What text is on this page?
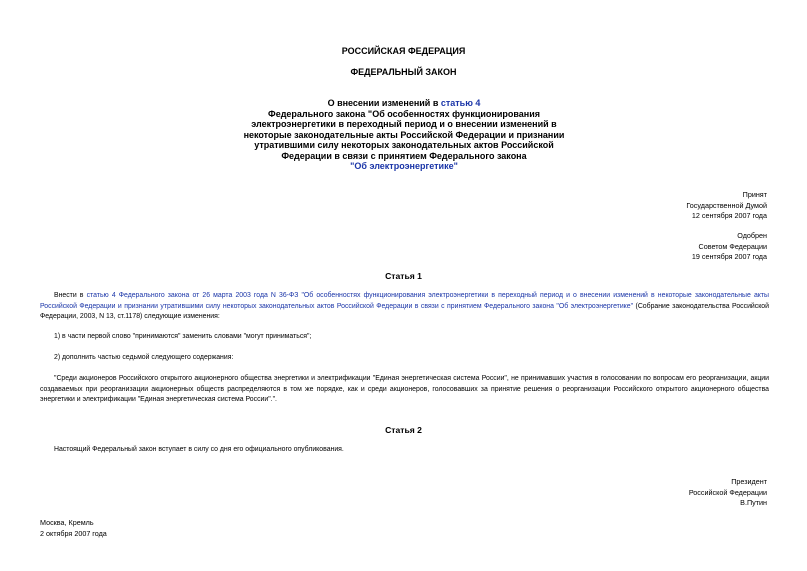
РОССИЙСКАЯ ФЕДЕРАЦИЯ
ФЕДЕРАЛЬНЫЙ ЗАКОН
О внесении изменений в статью 4
Федерального закона "Об особенностях функционирования электроэнергетики в переходный период и о внесении изменений в некоторые законодательные акты Российской Федерации и признании утратившими силу некоторых законодательных актов Российской Федерации в связи с принятием Федерального закона
"Об электроэнергетике"
Принят
Государственной Думой
12 сентября 2007 года
Одобрен
Советом Федерации
19 сентября 2007 года
Статья 1
Внести в статью 4 Федерального закона от 26 марта 2003 года N 36-ФЗ "Об особенностях функционирования электроэнергетики в переходный период и о внесении изменений в некоторые законодательные акты Российской Федерации и признании утратившими силу некоторых законодательных актов Российской Федерации в связи с принятием Федерального закона "Об электроэнергетике" (Собрание законодательства Российской Федерации, 2003, N 13, ст.1178) следующие изменения:
1) в части первой слово "принимаются" заменить словами "могут приниматься";
2) дополнить частью седьмой следующего содержания:
"Среди акционеров Российского открытого акционерного общества энергетики и электрификации "Единая энергетическая система России", не принимавших участия в голосовании по вопросам его реорганизации, акции создаваемых при реорганизации акционерных обществ распределяются в том же порядке, как и среди акционеров, голосовавших за принятие решения о реорганизации Российского открытого акционерного общества энергетики и электрификации "Единая энергетическая система России".".
Статья 2
Настоящий Федеральный закон вступает в силу со дня его официального опубликования.
Президент
Российской Федерации
В.Путин
Москва, Кремль
2 октября 2007 года
